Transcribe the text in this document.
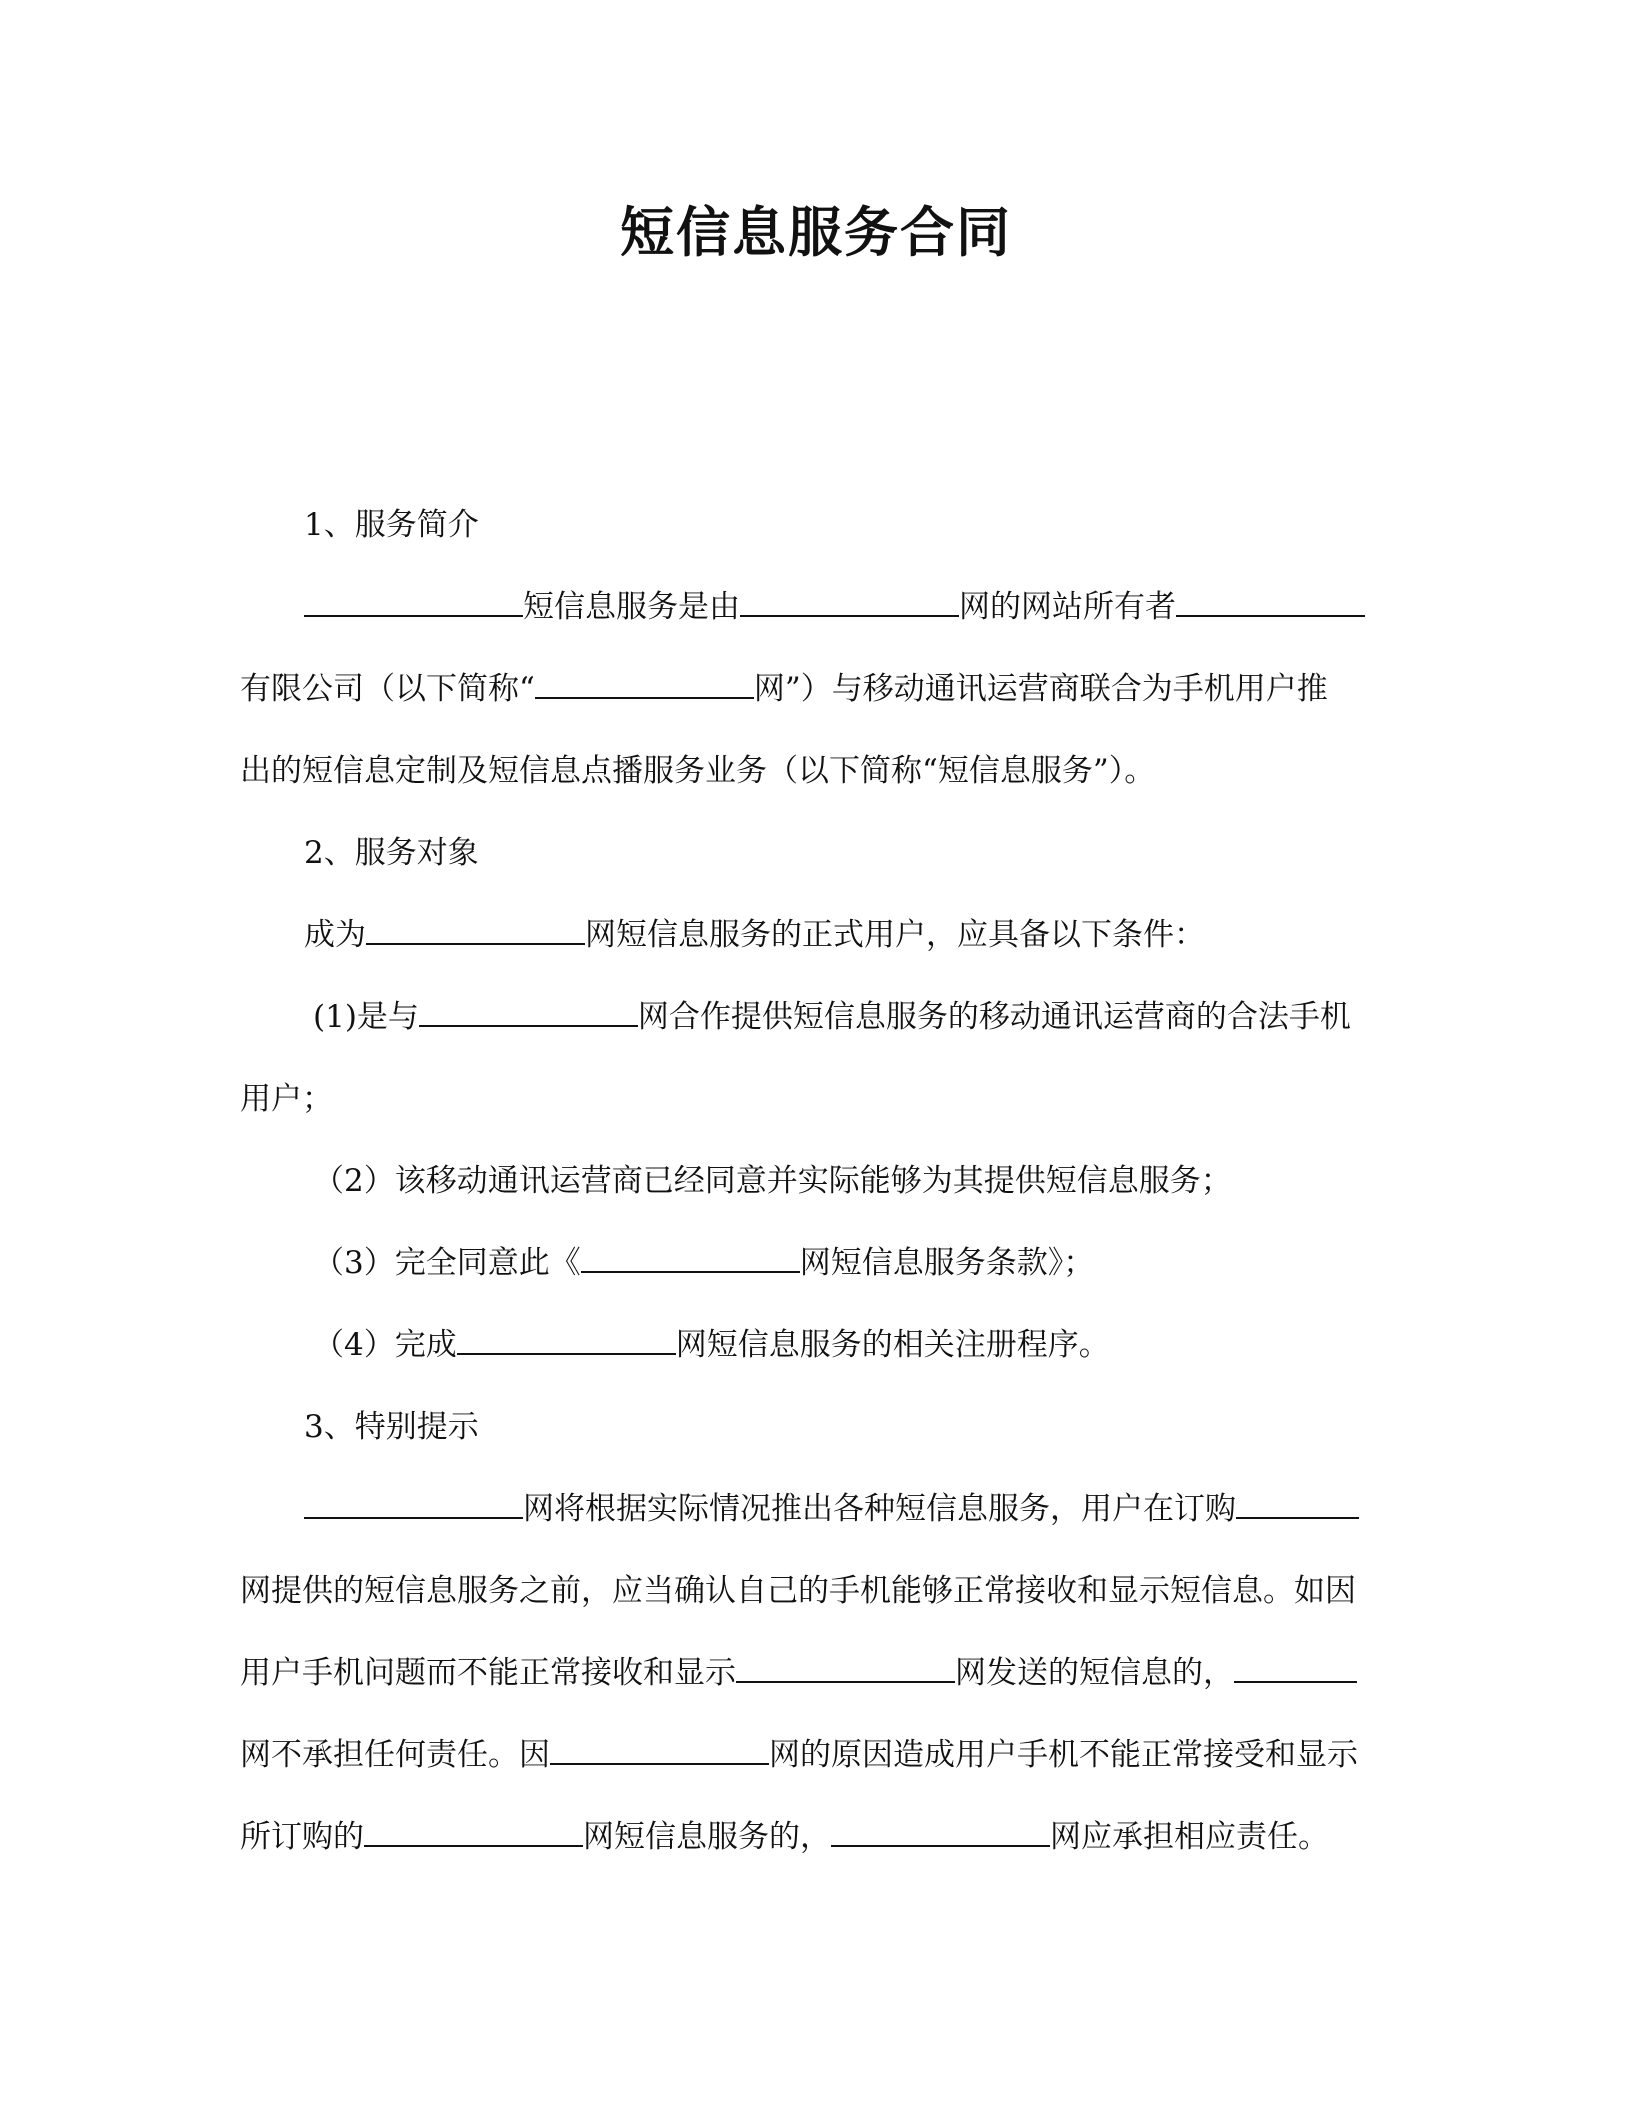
短信息服务合同
1、服务简介
短信息服务是由	网的网站所有者
有限公司（以下简称“	网”）与移动通讯运营商联合为手机用户推
出的短信息定制及短信息点播服务业务（以下简称“短信息服务”）。
2、服务对象
成为	网短信息服务的正式用户，应具备以下条件：
(1)是与	网合作提供短信息服务的移动通讯运营商的合法手机
用户；
（2）该移动通讯运营商已经同意并实际能够为其提供短信息服务；
（3）完全同意此《	网短信息服务条款》；
（4）完成	网短信息服务的相关注册程序。
3、特别提示
网将根据实际情况推出各种短信息服务，用户在订购
网提供的短信息服务之前，应当确认自己的手机能够正常接收和显示短信息。如因
用户手机问题而不能正常接收和显示	网发送的短信息的，
网不承担任何责任。因	网的原因造成用户手机不能正常接受和显示
所订购的	网短信息服务的，	网应承担相应责任。
